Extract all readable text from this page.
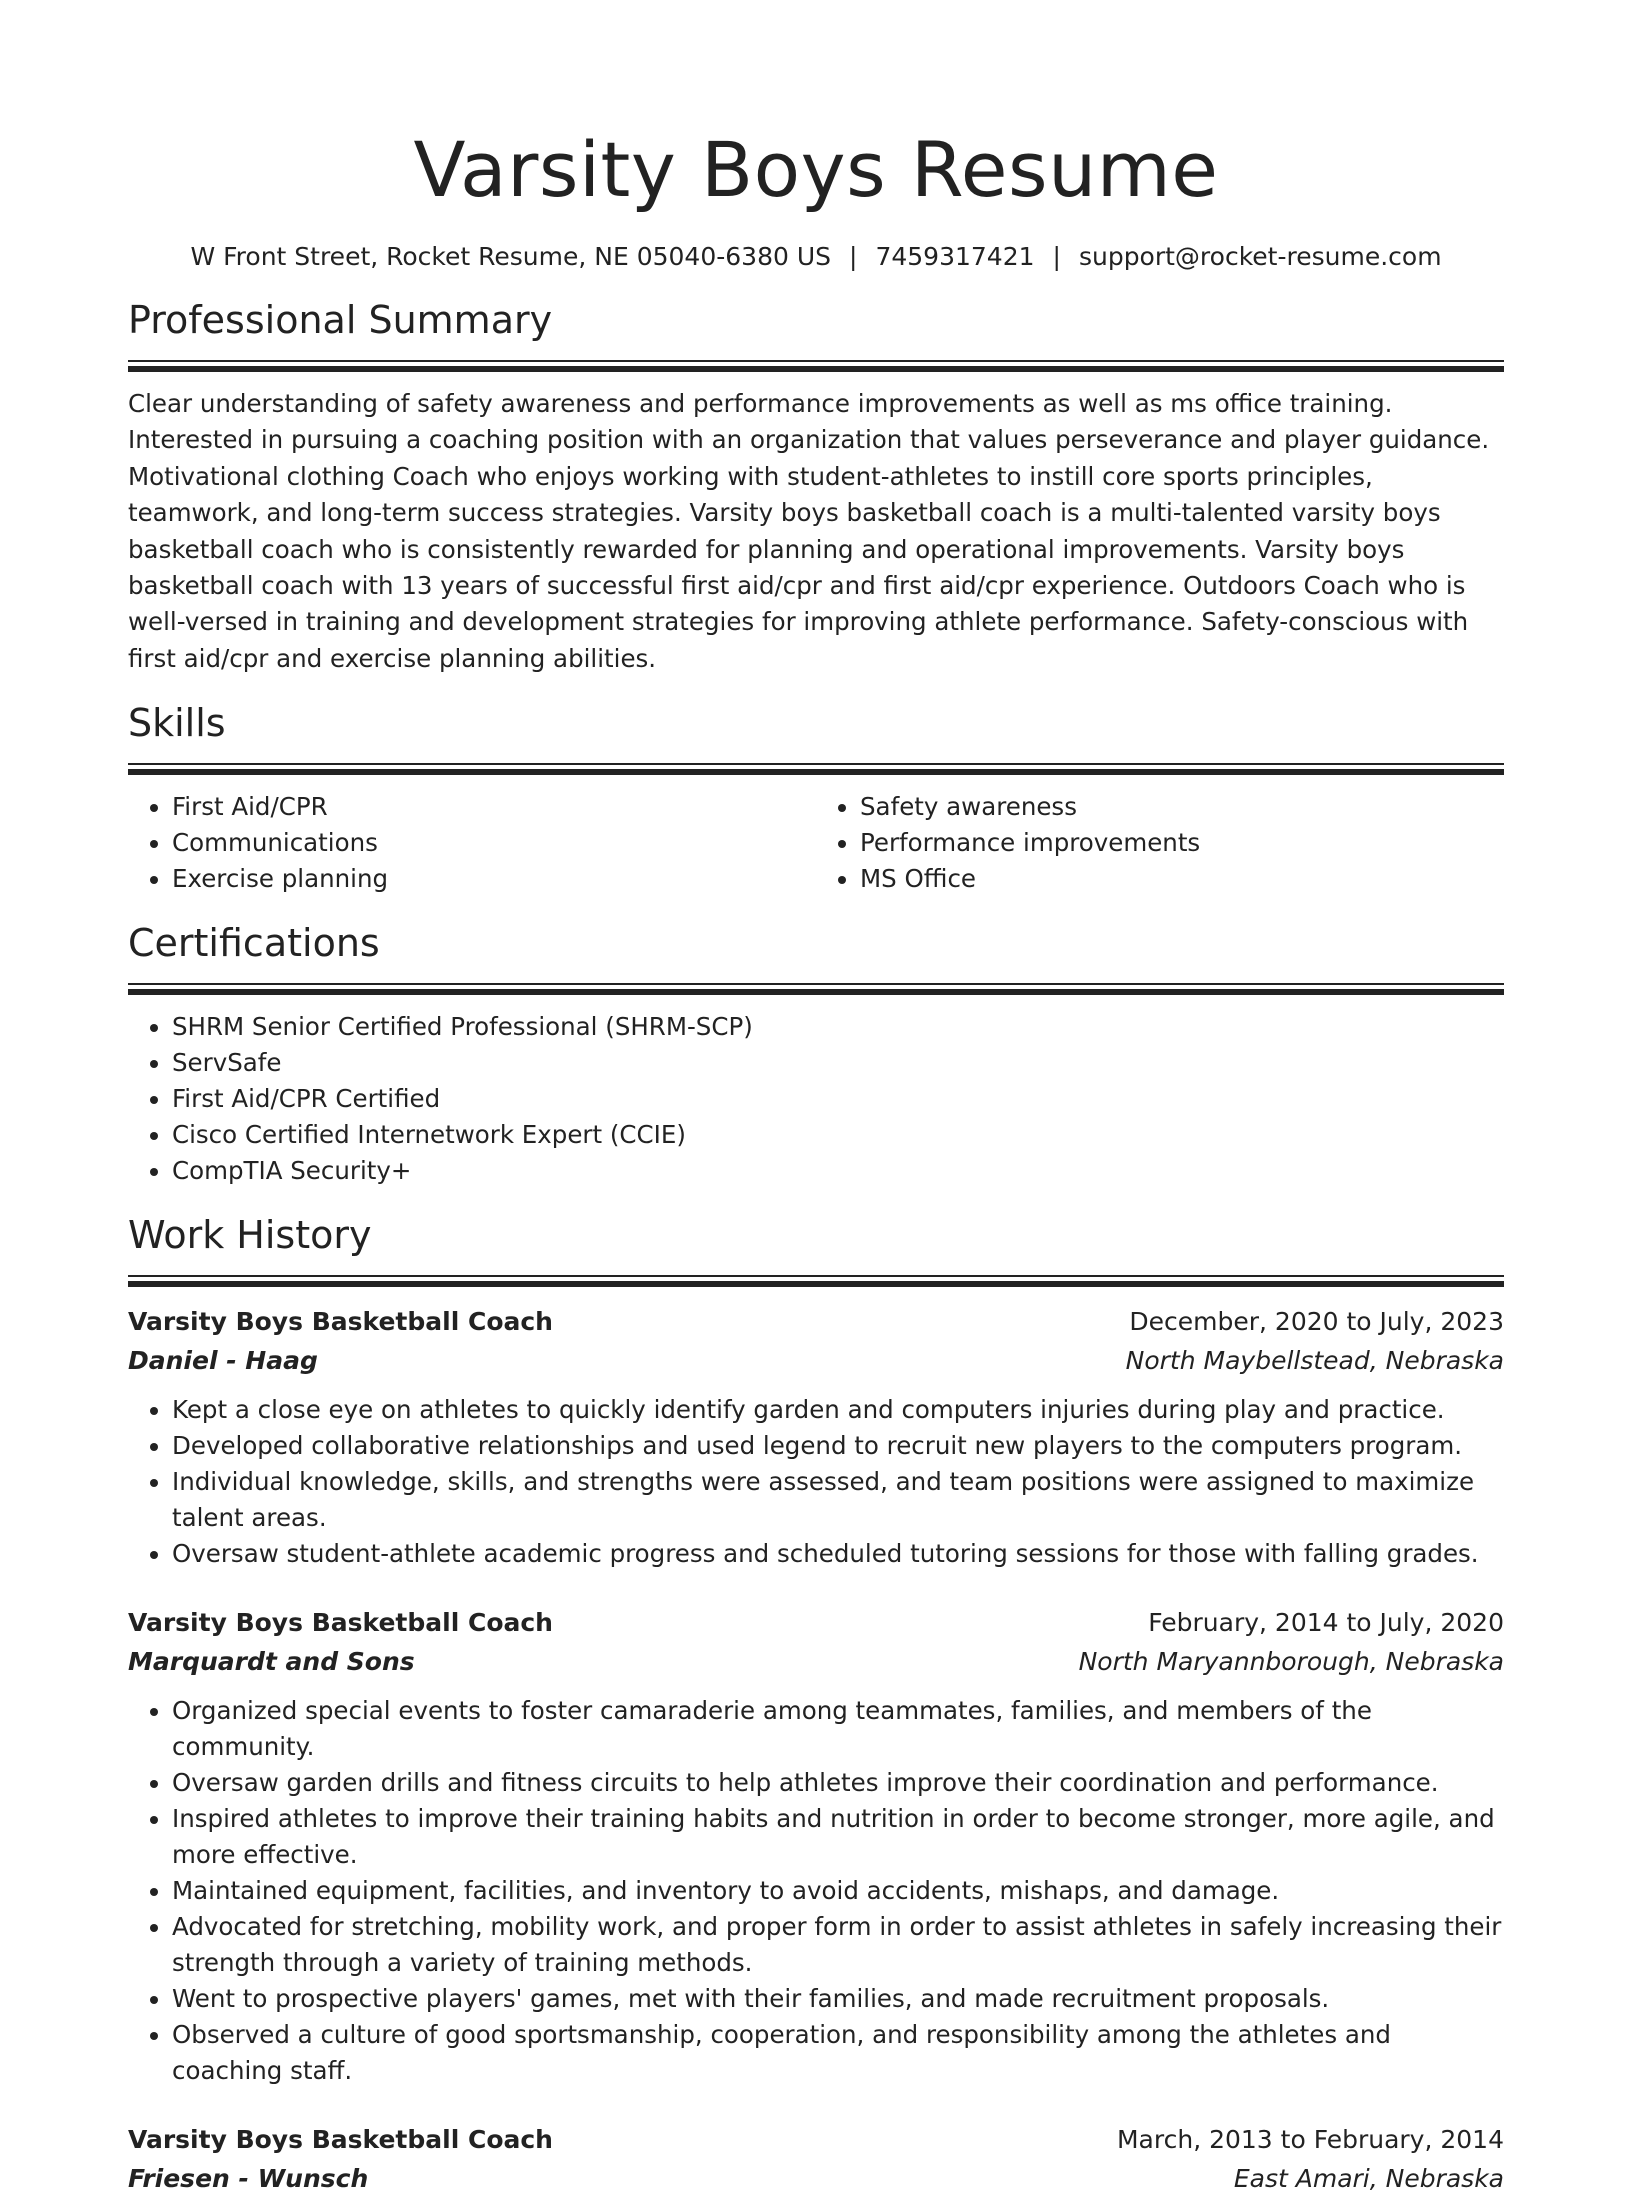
Varsity Boys Resume
W Front Street, Rocket Resume, NE 05040-6380 US | 7459317421 | support@rocket-resume.com
Professional Summary
Clear understanding of safety awareness and performance improvements as well as ms office training. Interested in pursuing a coaching position with an organization that values perseverance and player guidance. Motivational clothing Coach who enjoys working with student-athletes to instill core sports principles, teamwork, and long-term success strategies. Varsity boys basketball coach is a multi-talented varsity boys basketball coach who is consistently rewarded for planning and operational improvements. Varsity boys basketball coach with 13 years of successful first aid/cpr and first aid/cpr experience. Outdoors Coach who is well-versed in training and development strategies for improving athlete performance. Safety-conscious with first aid/cpr and exercise planning abilities.
Skills
• First Aid/CPR
• Communications
• Exercise planning
• Safety awareness
• Performance improvements
• MS Office
Certifications
• SHRM Senior Certified Professional (SHRM-SCP)
• ServSafe
• First Aid/CPR Certified
• Cisco Certified Internetwork Expert (CCIE)
• CompTIA Security+
Work History
Varsity Boys Basketball Coach	December, 2020 to July, 2023
Daniel - Haag	North Maybellstead, Nebraska
• Kept a close eye on athletes to quickly identify garden and computers injuries during play and practice.
• Developed collaborative relationships and used legend to recruit new players to the computers program.
• Individual knowledge, skills, and strengths were assessed, and team positions were assigned to maximize talent areas.
• Oversaw student-athlete academic progress and scheduled tutoring sessions for those with falling grades.
Varsity Boys Basketball Coach	February, 2014 to July, 2020
Marquardt and Sons	North Maryannborough, Nebraska
• Organized special events to foster camaraderie among teammates, families, and members of the community.
• Oversaw garden drills and fitness circuits to help athletes improve their coordination and performance.
• Inspired athletes to improve their training habits and nutrition in order to become stronger, more agile, and more effective.
• Maintained equipment, facilities, and inventory to avoid accidents, mishaps, and damage.
• Advocated for stretching, mobility work, and proper form in order to assist athletes in safely increasing their strength through a variety of training methods.
• Went to prospective players' games, met with their families, and made recruitment proposals.
• Observed a culture of good sportsmanship, cooperation, and responsibility among the athletes and coaching staff.
Varsity Boys Basketball Coach	March, 2013 to February, 2014
Friesen - Wunsch	East Amari, Nebraska
